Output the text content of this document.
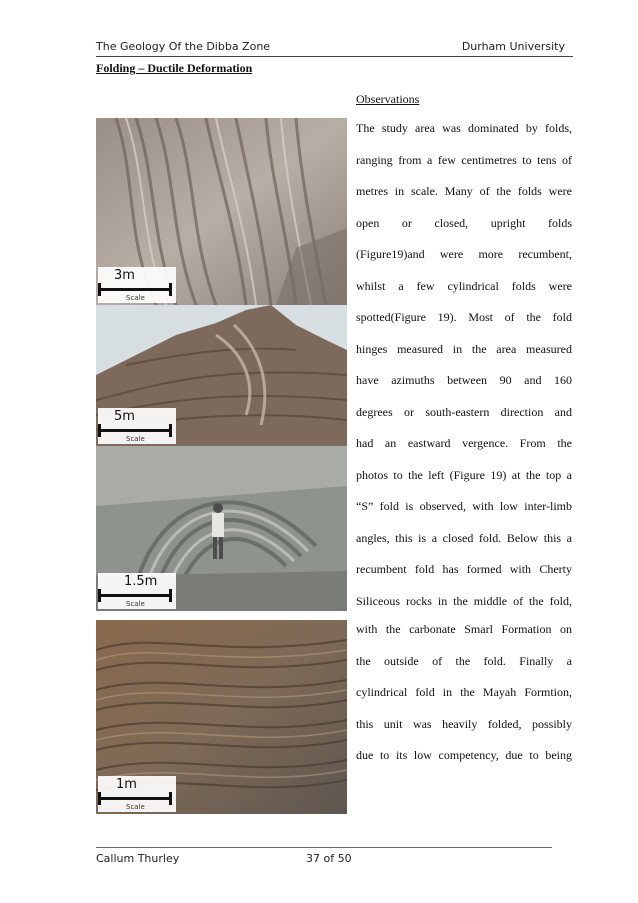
The Geology Of the Dibba Zone	Durham University
Folding – Ductile Deformation
3m
Scale
5m
Scale
1.5m
Scale
1m
Scale
Observations
The study area was dominated by folds,
ranging from a few centimetres to tens of
metres in scale. Many of the folds were
open or closed, upright folds
(Figure19)and were more recumbent,
whilst a few cylindrical folds were
spotted(Figure 19). Most of the fold
hinges measured in the area measured
have azimuths between 90 and 160
degrees or south-eastern direction and
had an eastward vergence. From the
photos to the left (Figure 19) at the top a
“S” fold is observed, with low inter-limb
angles, this is a closed fold. Below this a
recumbent fold has formed with Cherty
Siliceous rocks in the middle of the fold,
with the carbonate Smarl Formation on
the outside of the fold. Finally a
cylindrical fold in the Mayah Formtion,
this unit was heavily folded, possibly
due to its low competency, due to being
Callum Thurley	37 of 50
